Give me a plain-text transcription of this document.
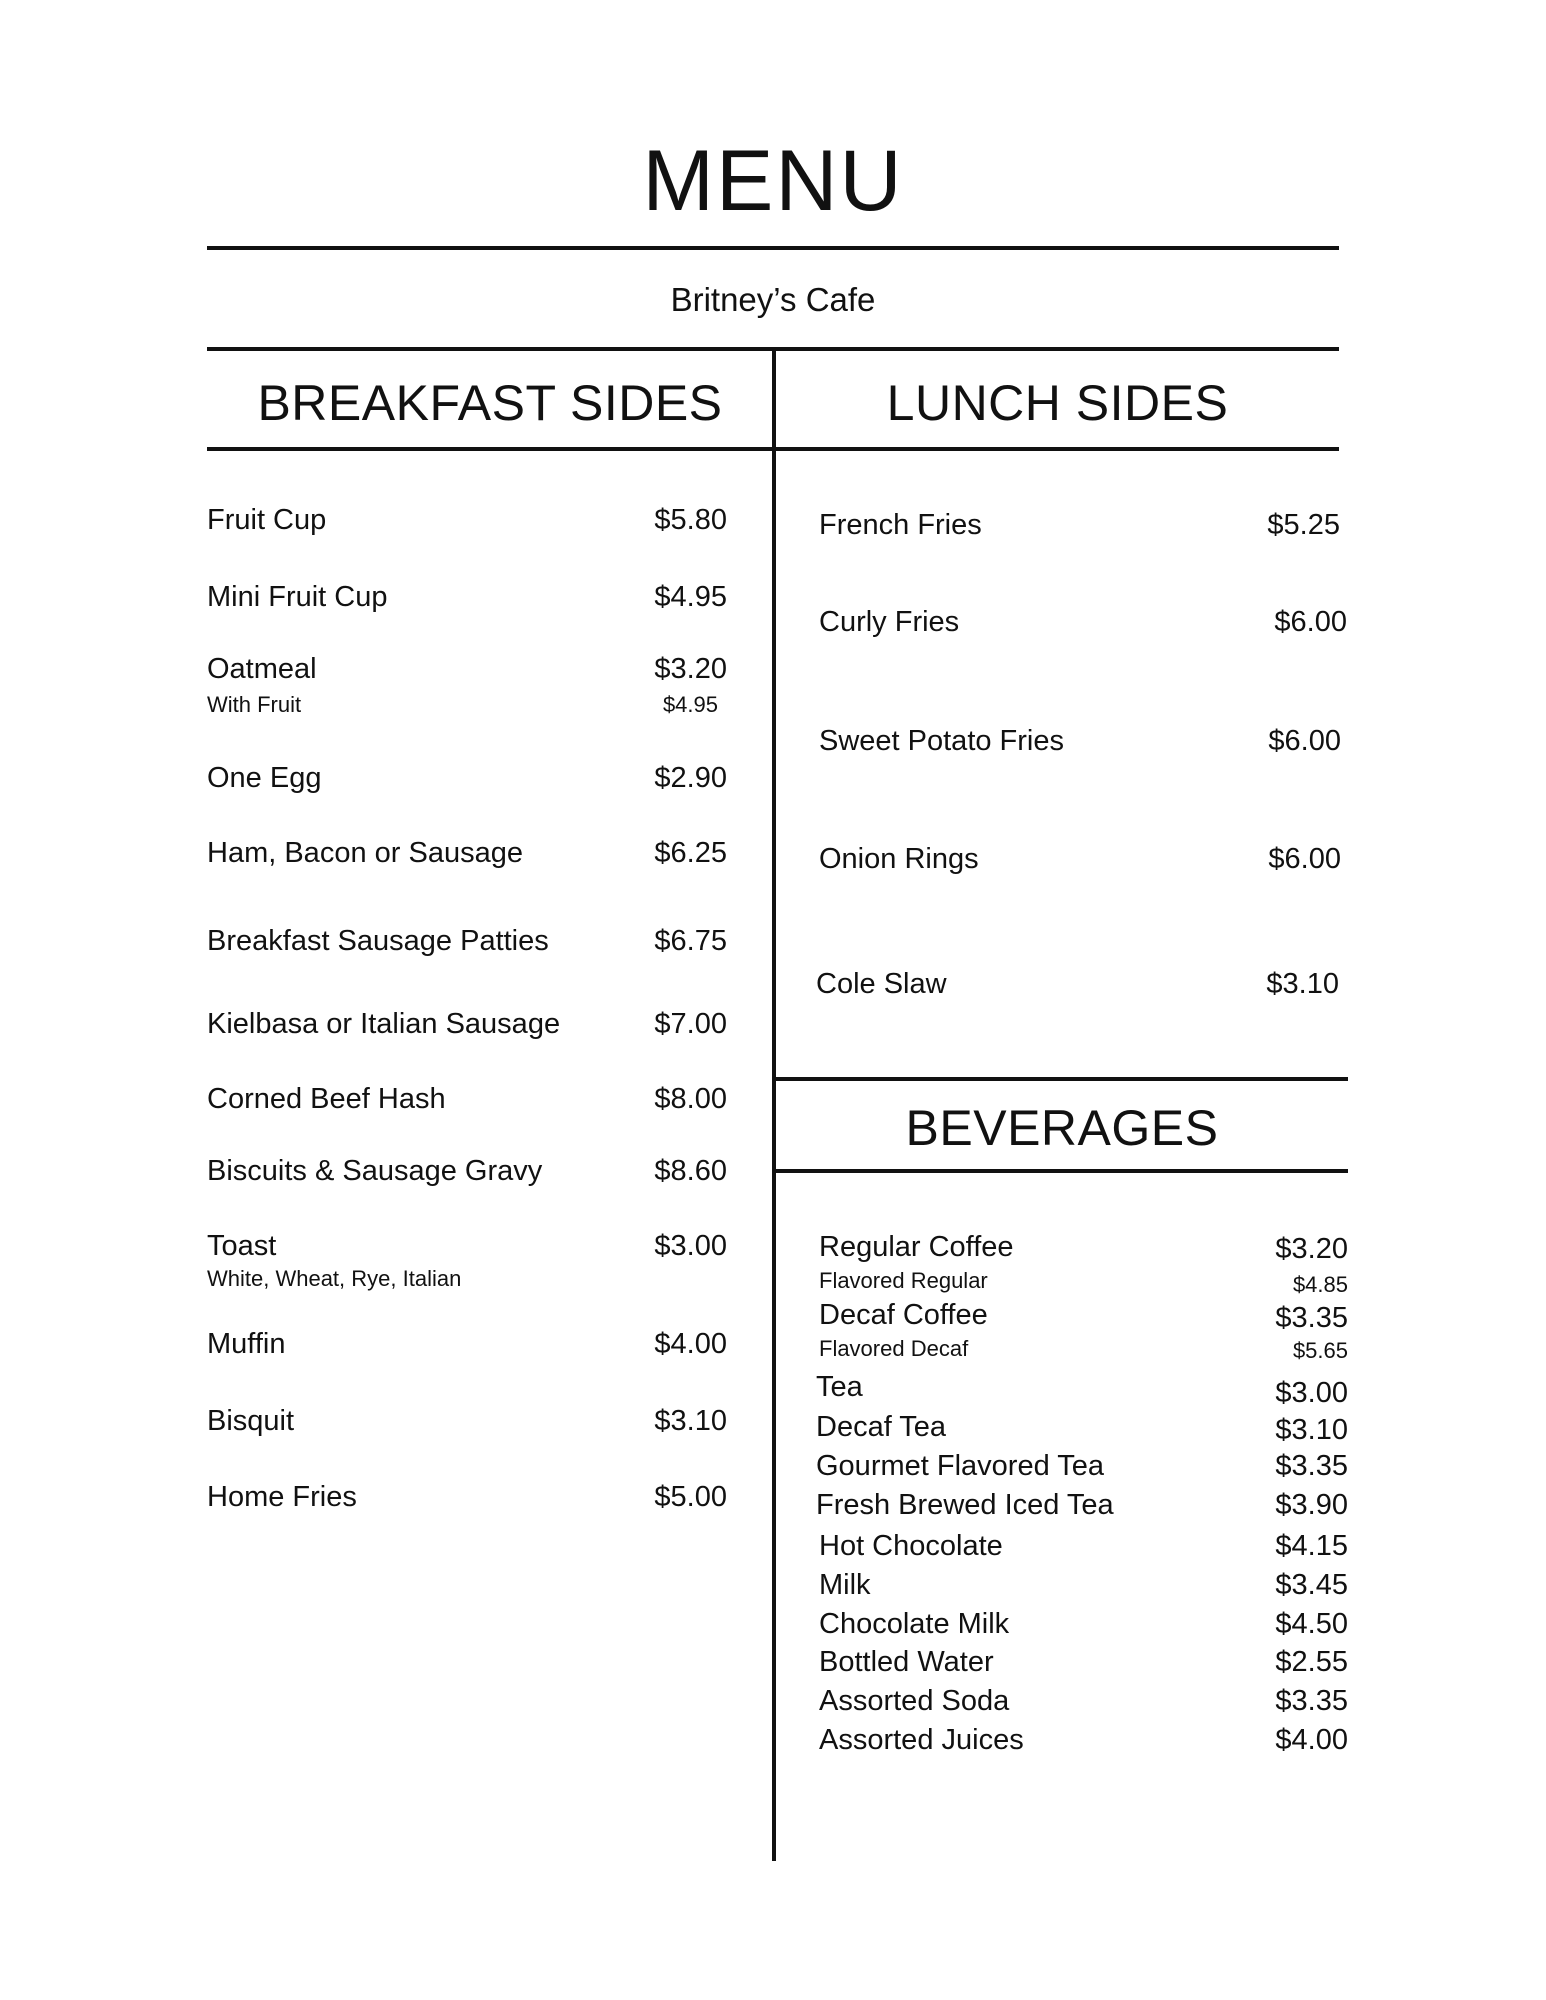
MENU
Britney’s Cafe
BREAKFAST SIDES	LUNCH SIDES
Fruit Cup	$5.80
Mini Fruit Cup	$4.95
Oatmeal	$3.20
With Fruit	$4.95
One Egg	$2.90
Ham, Bacon or Sausage	$6.25
Breakfast Sausage Patties	$6.75
Kielbasa or Italian Sausage	$7.00
Corned Beef Hash	$8.00
Biscuits & Sausage Gravy	$8.60
Toast	$3.00
White, Wheat, Rye, Italian
Muffin	$4.00
Bisquit	$3.10
Home Fries	$5.00
French Fries	$5.25
Curly Fries	$6.00
Sweet Potato Fries	$6.00
Onion Rings	$6.00
Cole Slaw	$3.10
BEVERAGES
Regular Coffee	$3.20
Flavored Regular	$4.85
Decaf Coffee	$3.35
Flavored Decaf	$5.65
Tea	$3.00
Decaf Tea	$3.10
Gourmet Flavored Tea	$3.35
Fresh Brewed Iced Tea	$3.90
Hot Chocolate	$4.15
Milk	$3.45
Chocolate Milk	$4.50
Bottled Water	$2.55
Assorted Soda	$3.35
Assorted Juices	$4.00
